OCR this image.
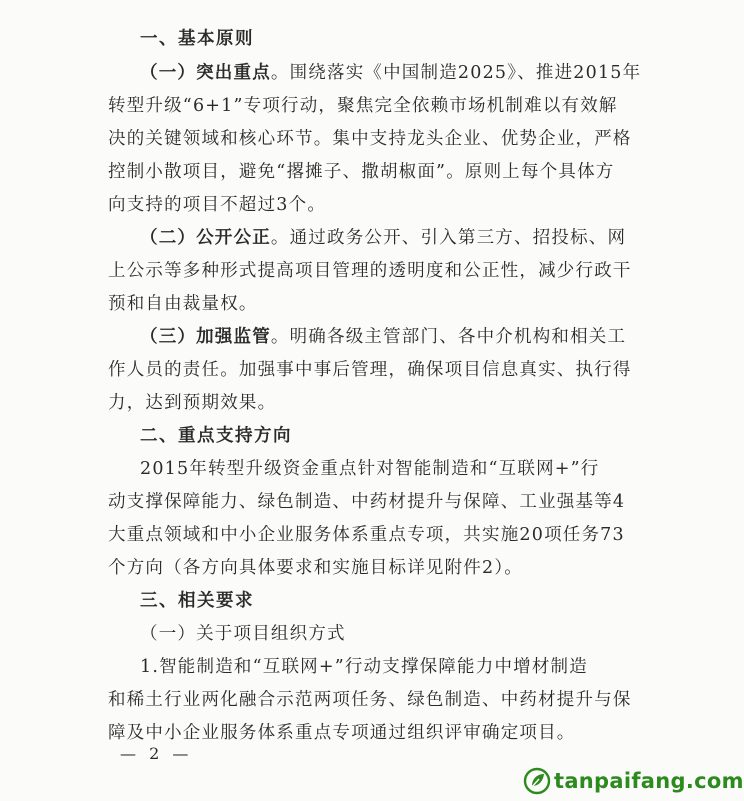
一、基本原则
（一）突出重点。围绕落实《中国制造2025》、推进2015年
转型升级“6+1”专项行动，聚焦完全依赖市场机制难以有效解
决的关键领域和核心环节。集中支持龙头企业、优势企业，严格
控制小散项目，避免“撂摊子、撒胡椒面”。原则上每个具体方
向支持的项目不超过3个。
（二）公开公正。通过政务公开、引入第三方、招投标、网
上公示等多种形式提高项目管理的透明度和公正性，减少行政干
预和自由裁量权。
（三）加强监管。明确各级主管部门、各中介机构和相关工
作人员的责任。加强事中事后管理，确保项目信息真实、执行得
力，达到预期效果。
二、重点支持方向
2015年转型升级资金重点针对智能制造和“互联网+”行
动支撑保障能力、绿色制造、中药材提升与保障、工业强基等4
大重点领域和中小企业服务体系重点专项，共实施20项任务73
个方向（各方向具体要求和实施目标详见附件2）。
三、相关要求
（一）关于项目组织方式
1.智能制造和“互联网+”行动支撑保障能力中增材制造
和稀土行业两化融合示范两项任务、绿色制造、中药材提升与保
障及中小企业服务体系重点专项通过组织评审确定项目。
— 2 —
tanpaifang.com
